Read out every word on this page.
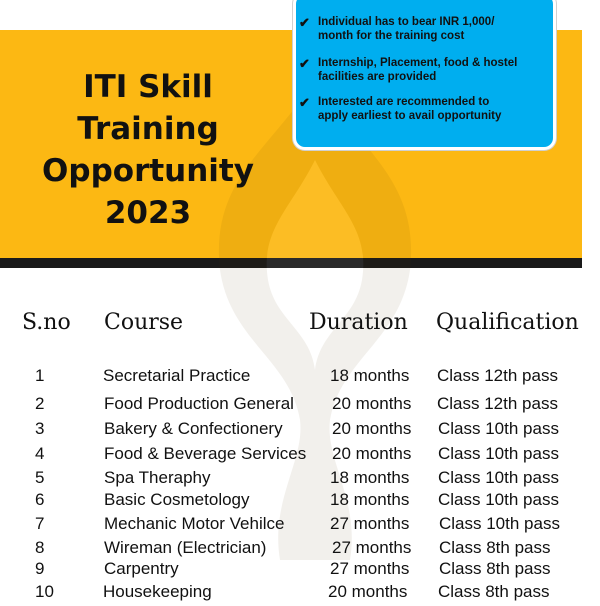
ITI Skill
Training
Opportunity
2023
✔ Individual has to bear INR 1,000/
month for the training cost
✔ Internship, Placement, food & hostel
facilities are provided
✔ Interested are recommended to
apply earliest to avail opportunity
S.no Course	Duration Qualification
1	Secretarial Practice	18 months Class 12th pass
2	Food Production General 20 months Class 12th pass
3	Bakery & Confectionery	20 months Class 10th pass
4	Food & Beverage Services 20 months Class 10th pass
5	Spa Theraphy	18 months Class 10th pass
6	Basic Cosmetology	18 months Class 10th pass
7	Mechanic Motor Vehilce	27 months Class 10th pass
8	Wireman (Electrician)	27 months Class 8th pass
9	Carpentry	27 months Class 8th pass
10	Housekeeping	20 months Class 8th pass
